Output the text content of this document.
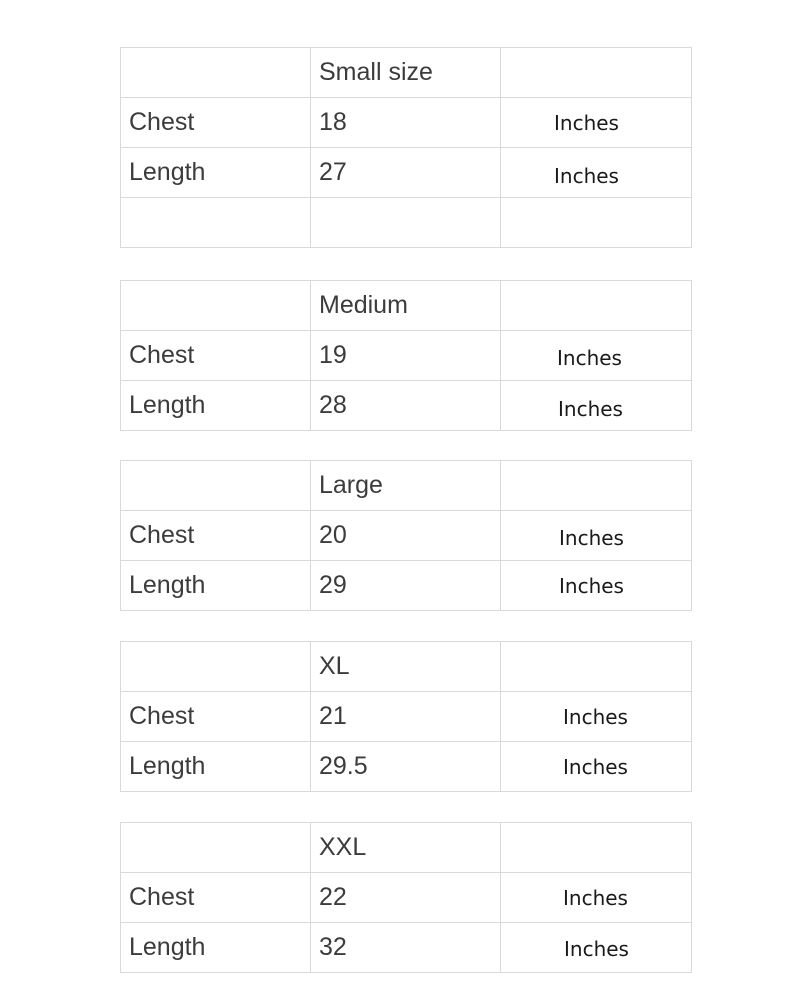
	Small size	
Chest	18	Inches
Length	27	Inches

	Medium	
Chest	19	Inches
Length	28	Inches
	Large	
Chest	20	Inches
Length	29	Inches
	XL	
Chest	21	Inches
Length	29.5	Inches
	XXL	
Chest	22	Inches
Length	32	Inches
